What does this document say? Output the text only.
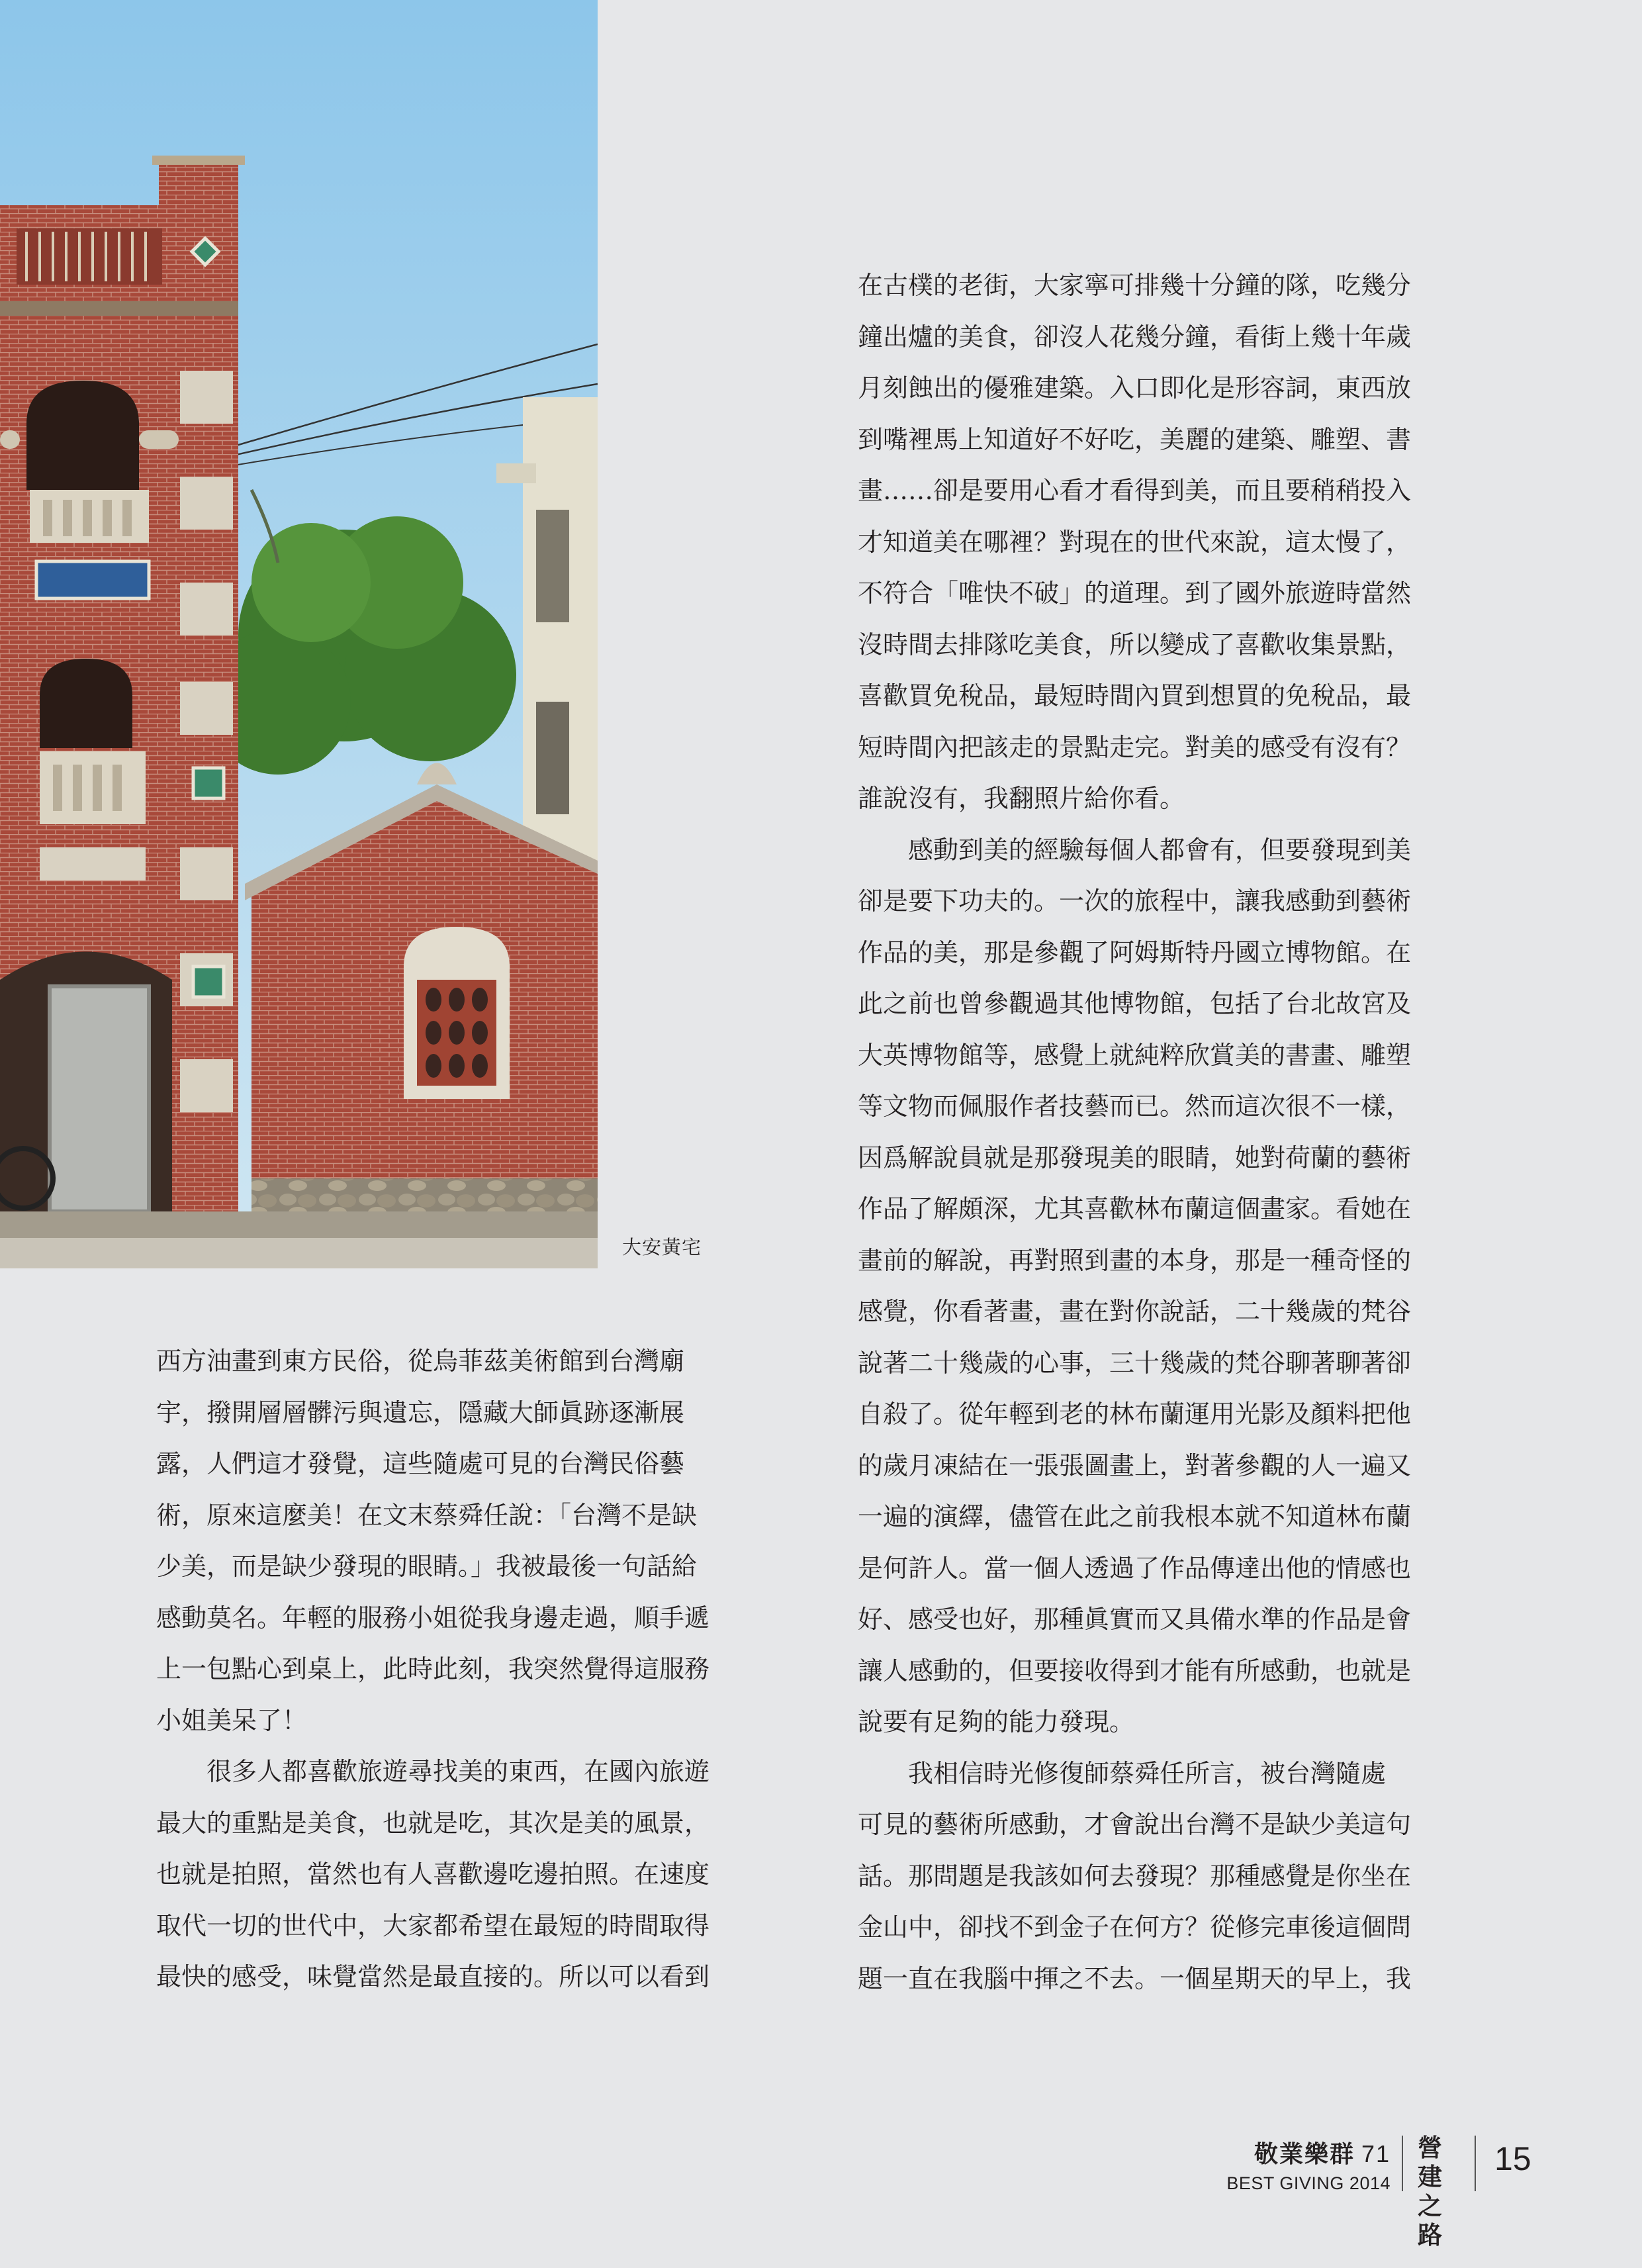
大安黃宅

西方油畫到東方民俗，從烏菲茲美術館到台灣廟

宇，撥開層層髒污與遺忘，隱藏大師眞跡逐漸展

露，人們這才發覺，這些隨處可見的台灣民俗藝

術，原來這麼美！在文末蔡舜任說：「台灣不是缺

少美，而是缺少發現的眼睛。」我被最後一句話給

感動莫名。年輕的服務小姐從我身邊走過，順手遞

上一包點心到桌上，此時此刻，我突然覺得這服務

小姐美呆了！

很多人都喜歡旅遊尋找美的東西，在國內旅遊

最大的重點是美食，也就是吃，其次是美的風景，

也就是拍照，當然也有人喜歡邊吃邊拍照。在速度

取代一切的世代中，大家都希望在最短的時間取得

最快的感受，味覺當然是最直接的。所以可以看到

在古樸的老街，大家寧可排幾十分鐘的隊，吃幾分

鐘出爐的美食，卻沒人花幾分鐘，看街上幾十年歲

月刻蝕出的優雅建築。入口即化是形容詞，東西放

到嘴裡馬上知道好不好吃，美麗的建築、雕塑、書

畫……卻是要用心看才看得到美，而且要稍稍投入

才知道美在哪裡？對現在的世代來說，這太慢了，

不符合「唯快不破」的道理。到了國外旅遊時當然

沒時間去排隊吃美食，所以變成了喜歡收集景點，

喜歡買免稅品，最短時間內買到想買的免稅品，最

短時間內把該走的景點走完。對美的感受有沒有？

誰說沒有，我翻照片給你看。

感動到美的經驗每個人都會有，但要發現到美

卻是要下功夫的。一次的旅程中，讓我感動到藝術

作品的美，那是參觀了阿姆斯特丹國立博物館。在

此之前也曾參觀過其他博物館，包括了台北故宮及

大英博物館等，感覺上就純粹欣賞美的書畫、雕塑

等文物而佩服作者技藝而已。然而這次很不一樣，

因爲解說員就是那發現美的眼睛，她對荷蘭的藝術

作品了解頗深，尤其喜歡林布蘭這個畫家。看她在

畫前的解說，再對照到畫的本身，那是一種奇怪的

感覺，你看著畫，畫在對你說話，二十幾歲的梵谷

說著二十幾歲的心事，三十幾歲的梵谷聊著聊著卻

自殺了。從年輕到老的林布蘭運用光影及顏料把他

的歲月凍結在一張張圖畫上，對著參觀的人一遍又

一遍的演繹，儘管在此之前我根本就不知道林布蘭

是何許人。當一個人透過了作品傳達出他的情感也

好、感受也好，那種眞實而又具備水準的作品是會

讓人感動的，但要接收得到才能有所感動，也就是

說要有足夠的能力發現。

我相信時光修復師蔡舜任所言，被台灣隨處

可見的藝術所感動，才會說出台灣不是缺少美這句

話。那問題是我該如何去發現？那種感覺是你坐在

金山中，卻找不到金子在何方？從修完車後這個問

題一直在我腦中揮之不去。一個星期天的早上，我

敬業樂群 71
BEST GIVING 2014
營建
之路
15
